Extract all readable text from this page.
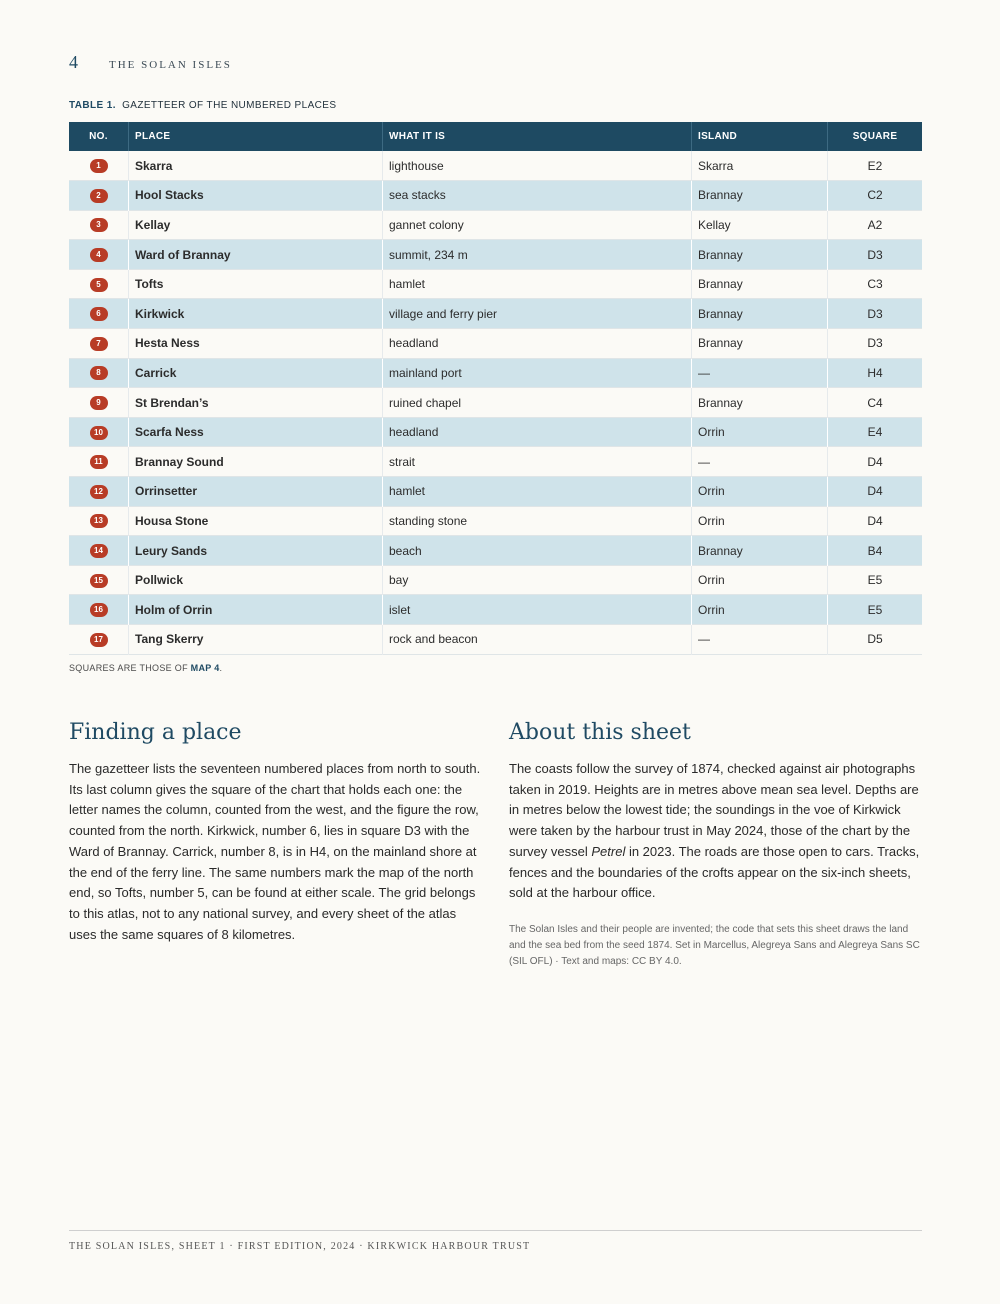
4	THE SOLAN ISLES
TABLE 1. GAZETTEER OF THE NUMBERED PLACES
NO.	PLACE	WHAT IT IS	ISLAND	SQUARE
1	Skarra	lighthouse	Skarra	E2
2	Hool Stacks	sea stacks	Brannay	C2
3	Kellay	gannet colony	Kellay	A2
4	Ward of Brannay	summit, 234 m	Brannay	D3
5	Tofts	hamlet	Brannay	C3
6	Kirkwick	village and ferry pier	Brannay	D3
7	Hesta Ness	headland	Brannay	D3
8	Carrick	mainland port	—	H4
9	St Brendan’s	ruined chapel	Brannay	C4
10	Scarfa Ness	headland	Orrin	E4
11	Brannay Sound	strait	—	D4
12	Orrinsetter	hamlet	Orrin	D4
13	Housa Stone	standing stone	Orrin	D4
14	Leury Sands	beach	Brannay	B4
15	Pollwick	bay	Orrin	E5
16	Holm of Orrin	islet	Orrin	E5
17	Tang Skerry	rock and beacon	—	D5
SQUARES ARE THOSE OF MAP 4.
Finding a place

The gazetteer lists the seventeen numbered places from north to south. Its last column gives the square of the chart that holds each one: the letter names the column, counted from the west, and the figure the row, counted from the north. Kirkwick, number 6, lies in square D3 with the Ward of Brannay. Carrick, number 8, is in H4, on the mainland shore at the end of the ferry line. The same numbers mark the map of the north end, so Tofts, number 5, can be found at either scale. The grid belongs to this atlas, not to any national survey, and every sheet of the atlas uses the same squares of 8 kilometres.

About this sheet

The coasts follow the survey of 1874, checked against air photographs taken in 2019. Heights are in metres above mean sea level. Depths are in metres below the lowest tide; the soundings in the voe of Kirkwick were taken by the harbour trust in May 2024, those of the chart by the survey vessel Petrel in 2023. The roads are those open to cars. Tracks, fences and the boundaries of the crofts appear on the six-inch sheets, sold at the harbour office.

The Solan Isles and their people are invented; the code that sets this sheet draws the land and the sea bed from the seed 1874. Set in Marcellus, Alegreya Sans and Alegreya Sans SC (SIL OFL) · Text and maps: CC BY 4.0.

THE SOLAN ISLES, SHEET 1 · FIRST EDITION, 2024 · KIRKWICK HARBOUR TRUST
